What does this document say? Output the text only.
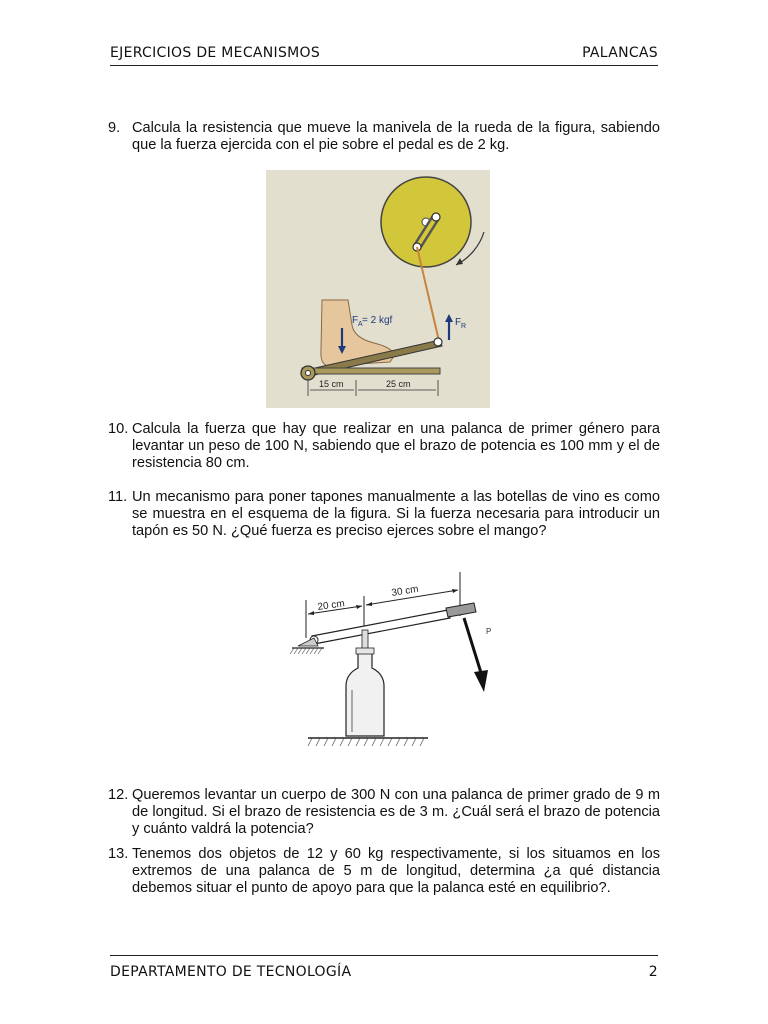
EJERCICIOS DE MECANISMOS	PALANCAS
9. Calcula la resistencia que mueve la manivela de la rueda de la figura, sabiendo que la fuerza ejercida con el pie sobre el pedal es de 2 kg.
F R
F A = 2 kgf
15 cm	25 cm
10. Calcula la fuerza que hay que realizar en una palanca de primer género para levantar un peso de 100 N, sabiendo que el brazo de potencia es 100 mm y el de resistencia 80 cm.
11. Un mecanismo para poner tapones manualmente a las botellas de vino es como se muestra en el esquema de la figura. Si la fuerza necesaria para introducir un tapón es 50 N. ¿Qué fuerza es preciso ejerces sobre el mango?
20 cm
30 cm
P
12. Queremos levantar un cuerpo de 300 N con una palanca de primer grado de 9 m de longitud. Si el brazo de resistencia es de 3 m. ¿Cuál será el brazo de potencia y cuánto valdrá la potencia?
13. Tenemos dos objetos de 12 y 60 kg respectivamente, si los situamos en los extremos de una palanca de 5 m de longitud, determina ¿a qué distancia debemos situar el punto de apoyo para que la palanca esté en equilibrio?.
DEPARTAMENTO DE TECNOLOGÍA	2
